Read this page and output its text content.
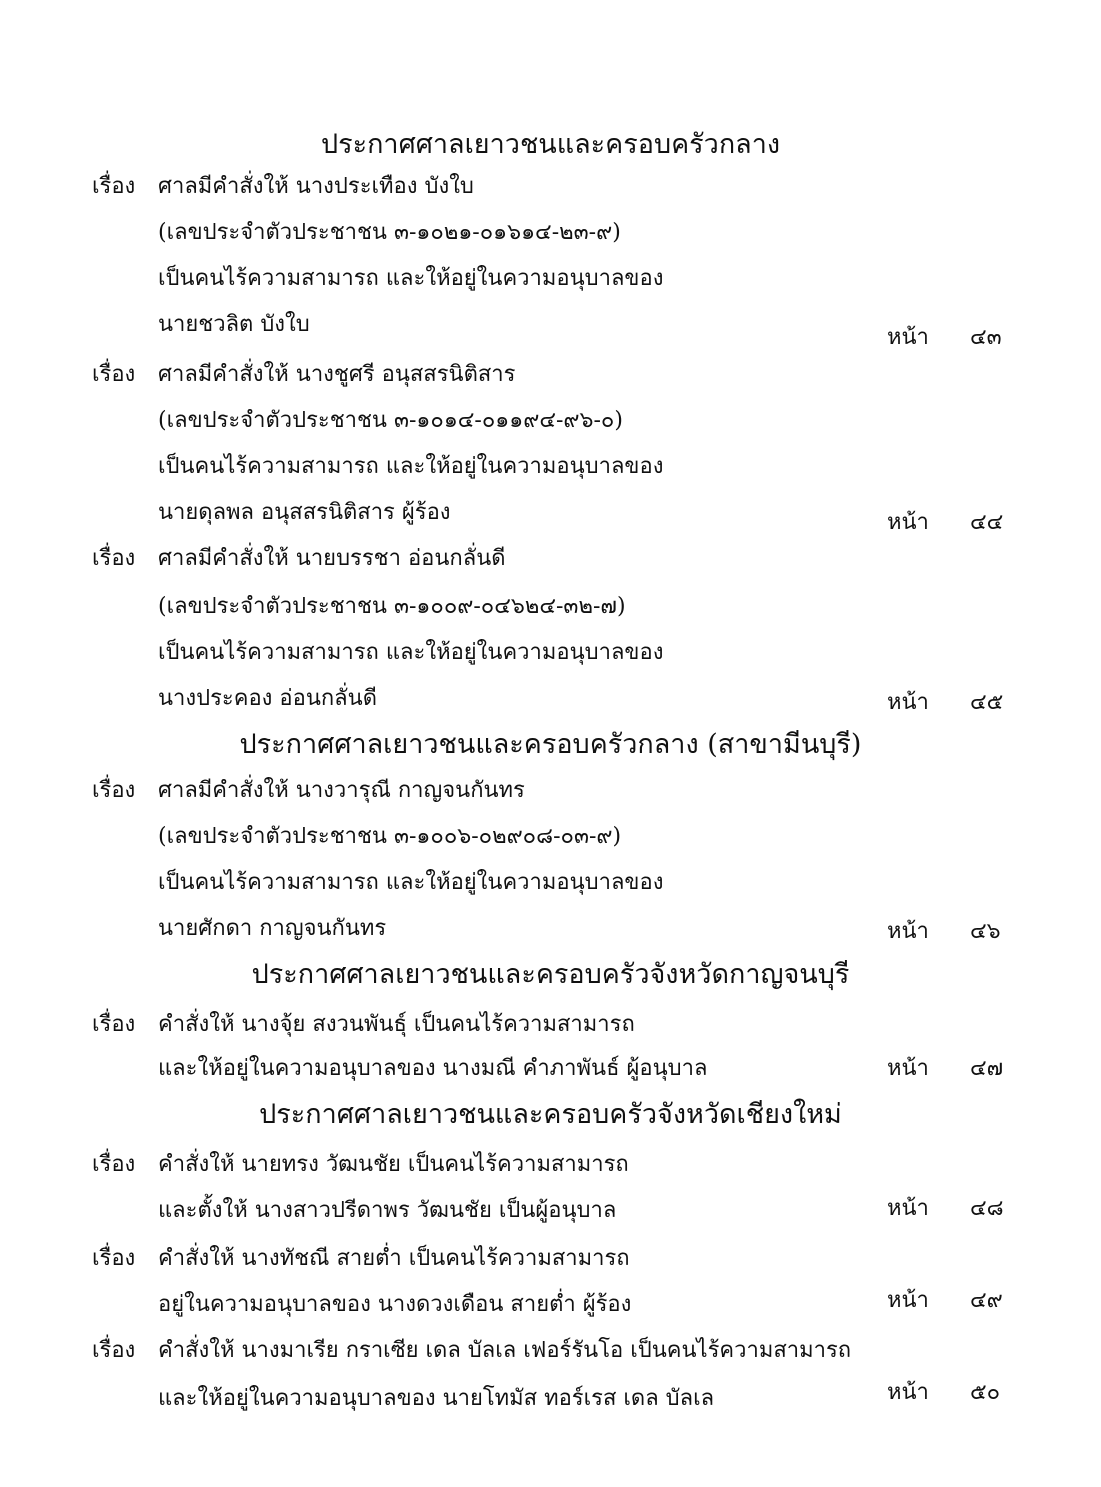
ประกาศศาลเยาวชนและครอบครัวกลาง
เรื่อง ศาลมีคำสั่งให้ นางประเทือง บังใบ
(เลขประจำตัวประชาชน ๓-๑๐๒๑-๐๑๖๑๔-๒๓-๙)
เป็นคนไร้ความสามารถ และให้อยู่ในความอนุบาลของ
นายชวลิต บังใบ
หน้า ๔๓
เรื่อง ศาลมีคำสั่งให้ นางชูศรี อนุสสรนิติสาร
(เลขประจำตัวประชาชน ๓-๑๐๑๔-๐๑๑๙๔-๙๖-๐)
เป็นคนไร้ความสามารถ และให้อยู่ในความอนุบาลของ
นายดุลพล อนุสสรนิติสาร ผู้ร้อง	หน้า ๔๔
เรื่อง ศาลมีคำสั่งให้ นายบรรชา อ่อนกลั่นดี
(เลขประจำตัวประชาชน ๓-๑๐๐๙-๐๔๖๒๔-๓๒-๗)
เป็นคนไร้ความสามารถ และให้อยู่ในความอนุบาลของ
นางประคอง อ่อนกลั่นดี	หน้า ๔๕
ประกาศศาลเยาวชนและครอบครัวกลาง (สาขามีนบุรี)
เรื่อง ศาลมีคำสั่งให้ นางวารุณี กาญจนกันทร
(เลขประจำตัวประชาชน ๓-๑๐๐๖-๐๒๙๐๘-๐๓-๙)
เป็นคนไร้ความสามารถ และให้อยู่ในความอนุบาลของ
นายศักดา กาญจนกันทร	หน้า ๔๖
ประกาศศาลเยาวชนและครอบครัวจังหวัดกาญจนบุรี
เรื่อง คำสั่งให้ นางจุ้ย สงวนพันธุ์ เป็นคนไร้ความสามารถ
และให้อยู่ในความอนุบาลของ นางมณี คำภาพันธ์ ผู้อนุบาล	หน้า ๔๗
ประกาศศาลเยาวชนและครอบครัวจังหวัดเชียงใหม่
เรื่อง คำสั่งให้ นายทรง วัฒนชัย เป็นคนไร้ความสามารถ
และตั้งให้ นางสาวปรีดาพร วัฒนชัย เป็นผู้อนุบาล	หน้า ๔๘
เรื่อง คำสั่งให้ นางทัชณี สายต่ำ เป็นคนไร้ความสามารถ
อยู่ในความอนุบาลของ นางดวงเดือน สายต่ำ ผู้ร้อง	หน้า ๔๙
เรื่อง คำสั่งให้ นางมาเรีย กราเซีย เดล บัลเล เฟอร์รันโอ เป็นคนไร้ความสามารถ
และให้อยู่ในความอนุบาลของ นายโทมัส ทอร์เรส เดล บัลเล	หน้า ๕๐
